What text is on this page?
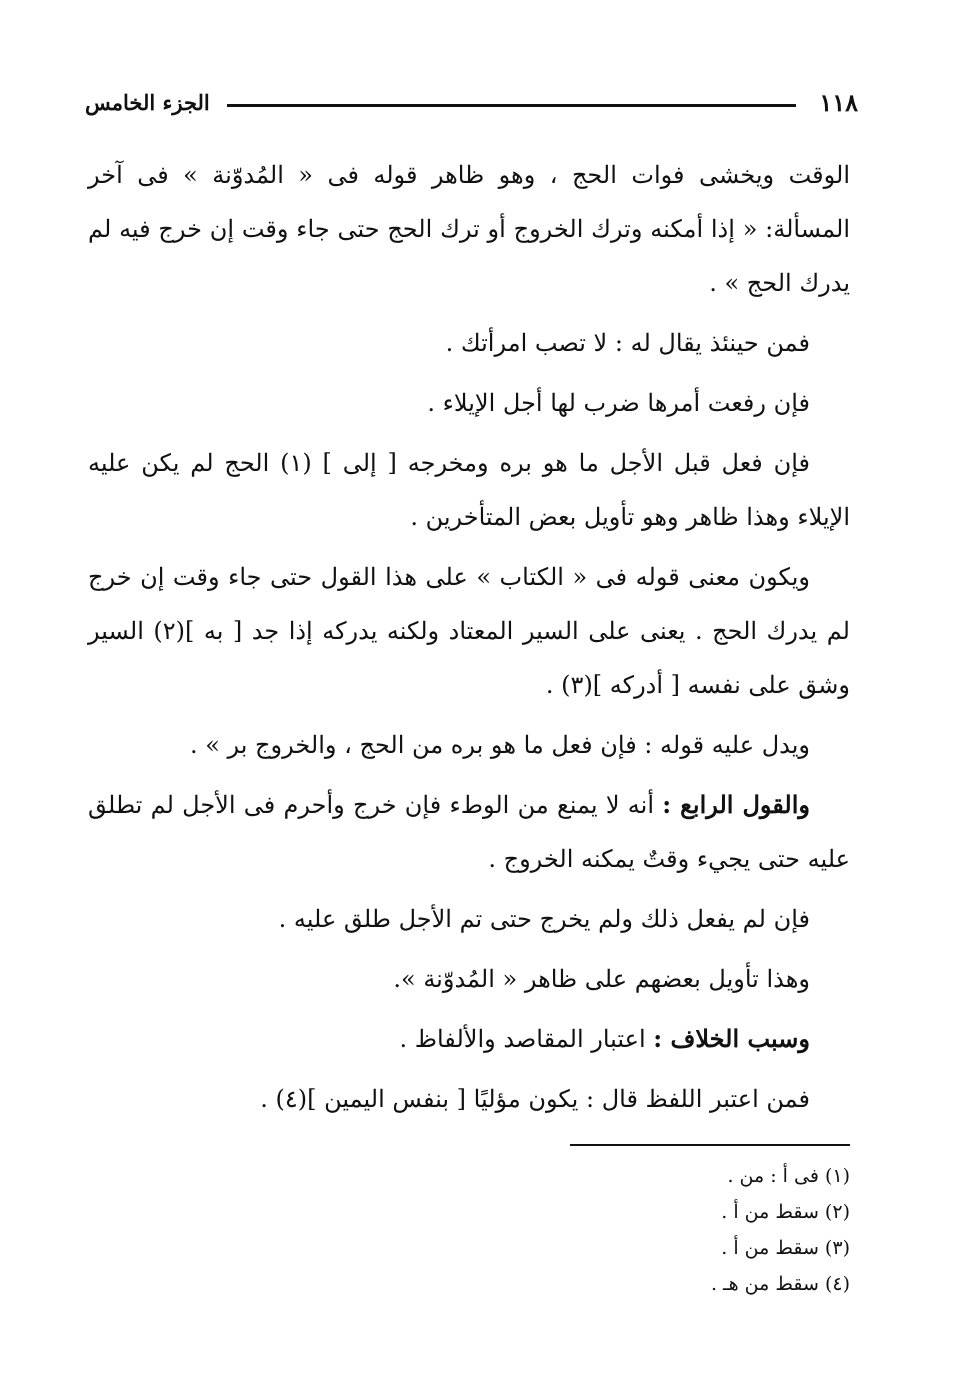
١١٨
الجزء الخامس

الوقت ويخشى فوات الحج ، وهو ظاهر قوله فى « المُدوّنة » فى آخر المسألة: « إذا أمكنه وترك الخروج أو ترك الحج حتى جاء وقت إن خرج فيه لم يدرك الحج » .

فمن حينئذ يقال له : لا تصب امرأتك .

فإن رفعت أمرها ضرب لها أجل الإيلاء .

فإن فعل قبل الأجل ما هو بره ومخرجه [ إلى ] (١) الحج لم يكن عليه الإيلاء وهذا ظاهر وهو تأويل بعض المتأخرين .

ويكون معنى قوله فى « الكتاب » على هذا القول حتى جاء وقت إن خرج لم يدرك الحج . يعنى على السير المعتاد ولكنه يدركه إذا جد [ به ](٢) السير وشق على نفسه [ أدركه ](٣) .

ويدل عليه قوله : فإن فعل ما هو بره من الحج ، والخروج بر » .

والقول الرابع : أنه لا يمنع من الوطء فإن خرج وأحرم فى الأجل لم تطلق عليه حتى يجيء وقتٌ يمكنه الخروج .

فإن لم يفعل ذلك ولم يخرج حتى تم الأجل طلق عليه .

وهذا تأويل بعضهم على ظاهر « المُدوّنة ».

وسبب الخلاف : اعتبار المقاصد والألفاظ .

فمن اعتبر اللفظ قال : يكون مؤليًا [ بنفس اليمين ](٤) .

(١) فى أ : من .

(٢) سقط من أ .

(٣) سقط من أ .

(٤) سقط من هـ .
